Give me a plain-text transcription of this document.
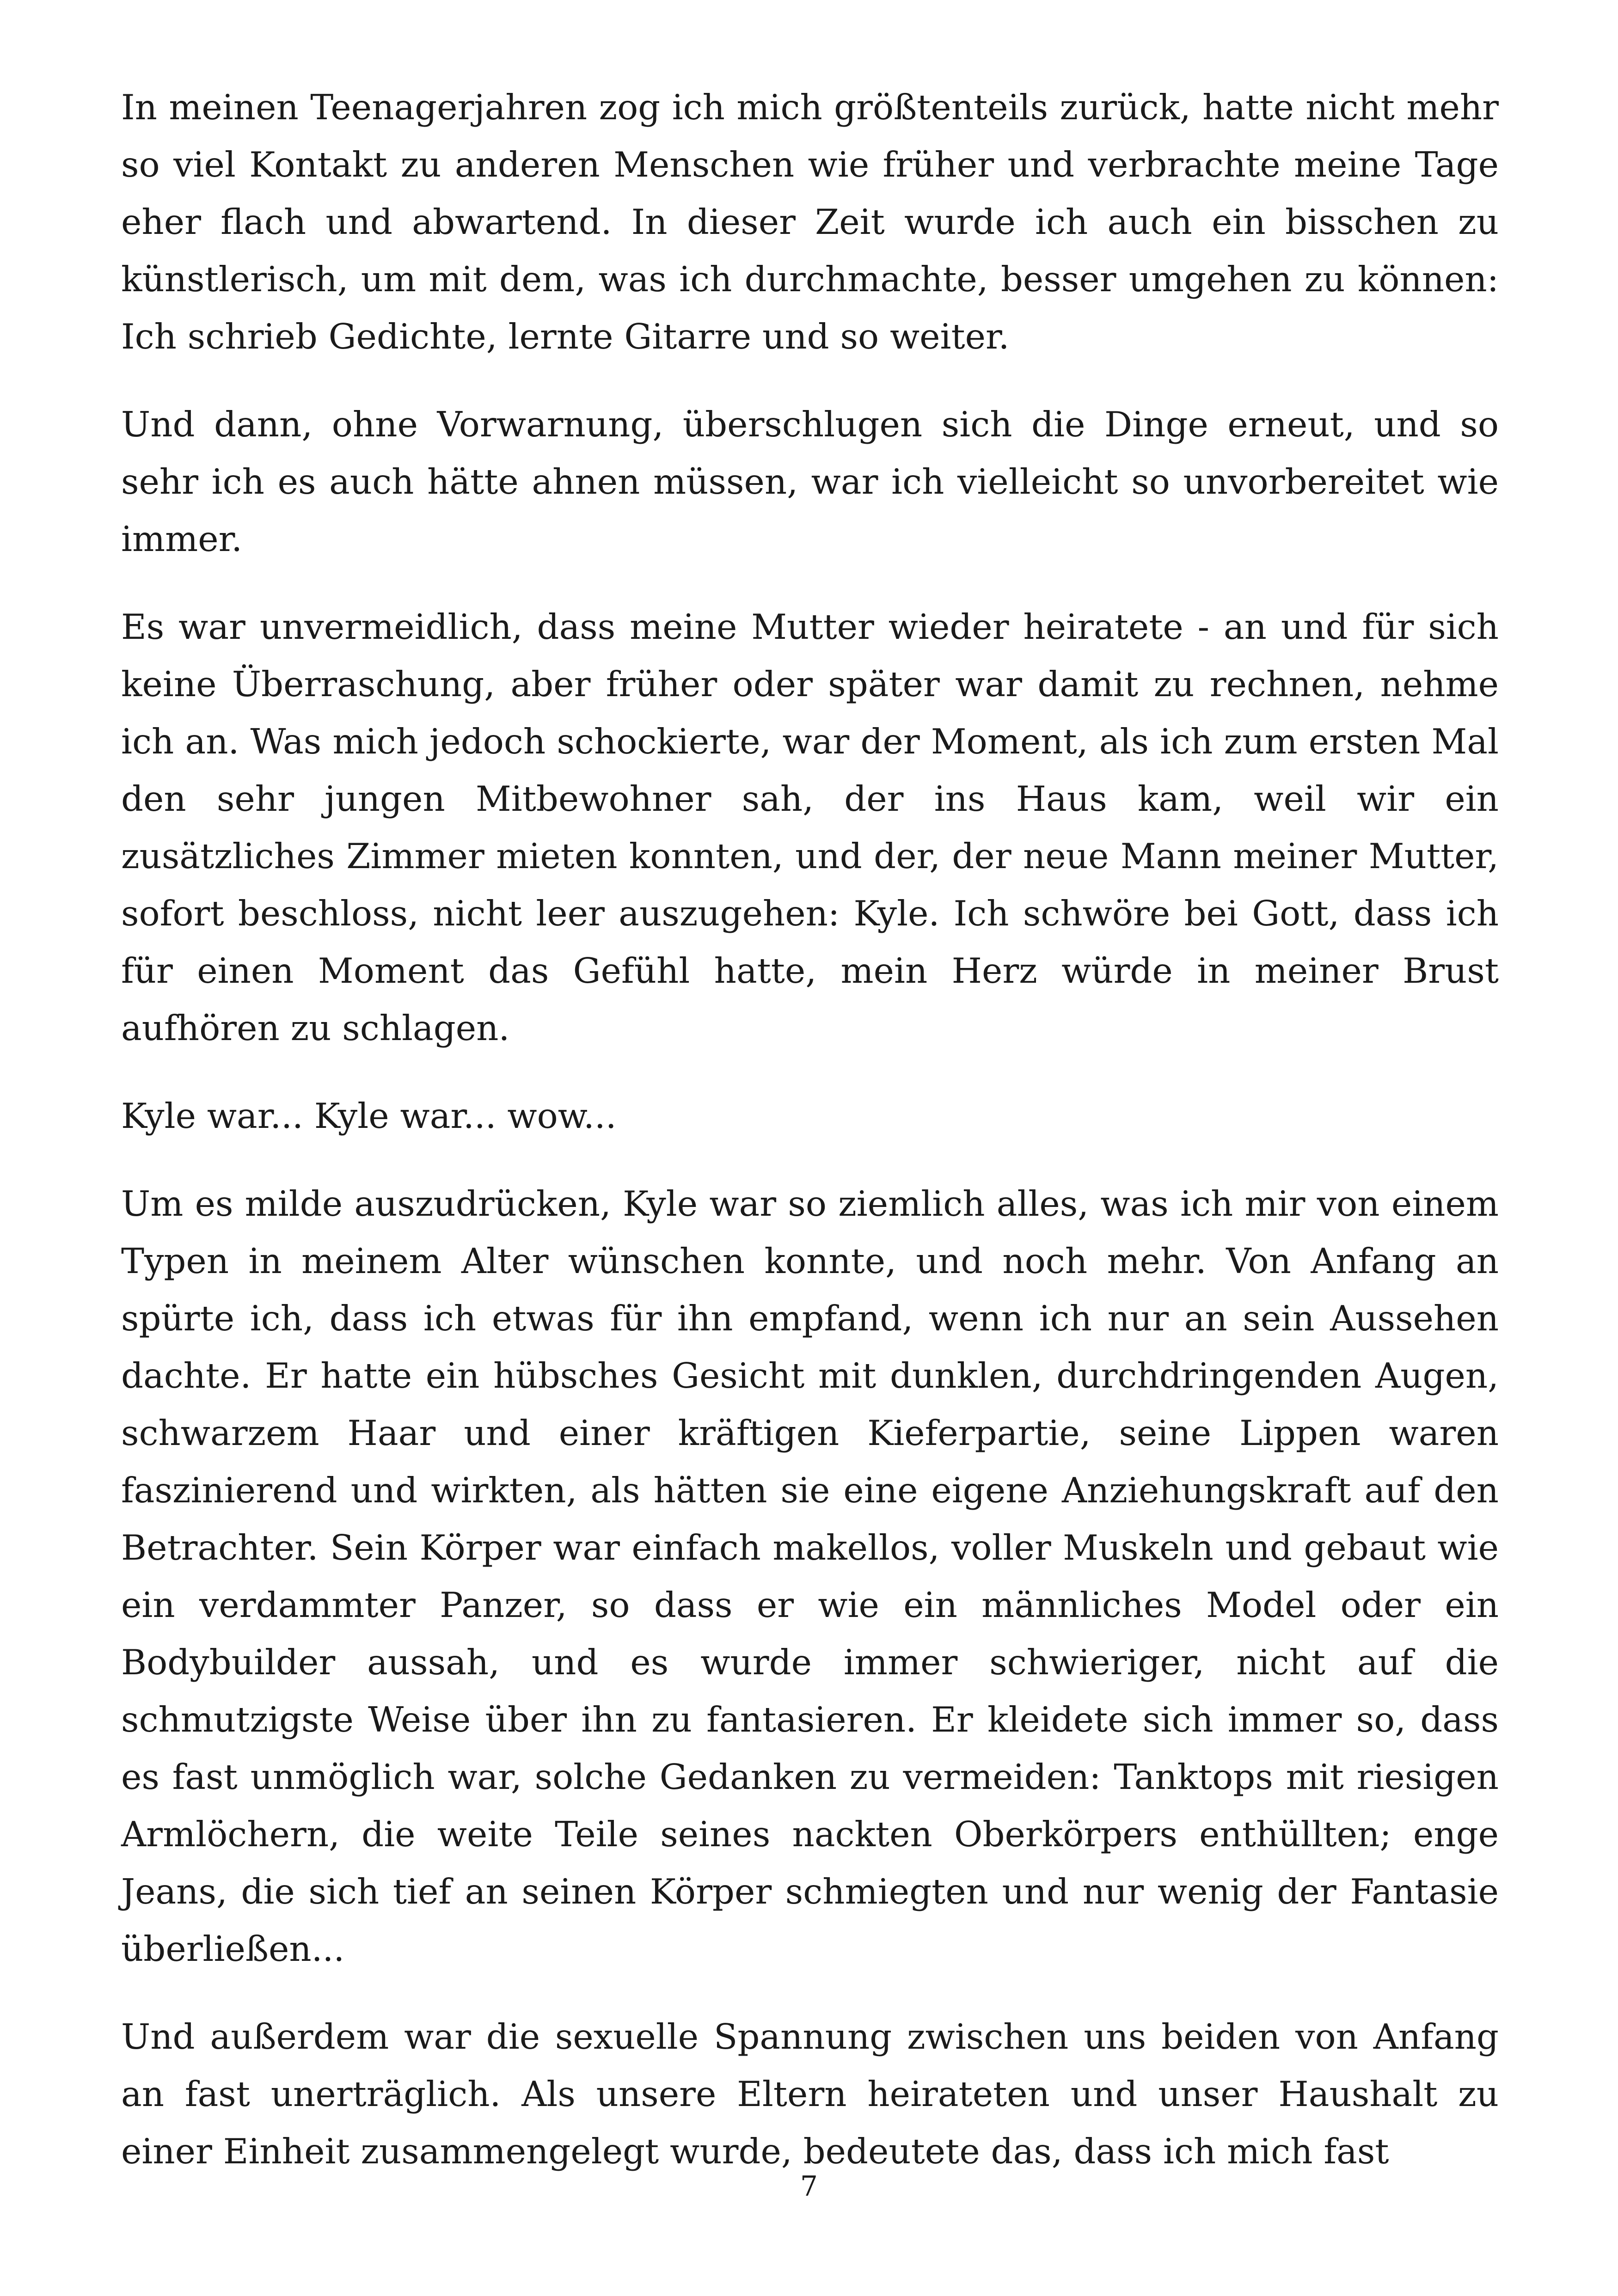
In meinen Teenagerjahren zog ich mich größtenteils zurück, hatte nicht mehr so viel Kontakt zu anderen Menschen wie früher und verbrachte meine Tage eher flach und abwartend. In dieser Zeit wurde ich auch ein bisschen zu künstlerisch, um mit dem, was ich durchmachte, besser umgehen zu können: Ich schrieb Gedichte, lernte Gitarre und so weiter.

Und dann, ohne Vorwarnung, überschlugen sich die Dinge erneut, und so sehr ich es auch hätte ahnen müssen, war ich vielleicht so unvorbereitet wie immer.

Es war unvermeidlich, dass meine Mutter wieder heiratete - an und für sich keine Überraschung, aber früher oder später war damit zu rechnen, nehme ich an. Was mich jedoch schockierte, war der Moment, als ich zum ersten Mal den sehr jungen Mitbewohner sah, der ins Haus kam, weil wir ein zusätzliches Zimmer mieten konnten, und der, der neue Mann meiner Mutter, sofort beschloss, nicht leer auszugehen: Kyle. Ich schwöre bei Gott, dass ich für einen Moment das Gefühl hatte, mein Herz würde in meiner Brust aufhören zu schlagen.

Kyle war... Kyle war... wow...

Um es milde auszudrücken, Kyle war so ziemlich alles, was ich mir von einem Typen in meinem Alter wünschen konnte, und noch mehr. Von Anfang an spürte ich, dass ich etwas für ihn empfand, wenn ich nur an sein Aussehen dachte. Er hatte ein hübsches Gesicht mit dunklen, durchdringenden Augen, schwarzem Haar und einer kräftigen Kieferpartie, seine Lippen waren faszinierend und wirkten, als hätten sie eine eigene Anziehungskraft auf den Betrachter. Sein Körper war einfach makellos, voller Muskeln und gebaut wie ein verdammter Panzer, so dass er wie ein männliches Model oder ein Bodybuilder aussah, und es wurde immer schwieriger, nicht auf die schmutzigste Weise über ihn zu fantasieren. Er kleidete sich immer so, dass es fast unmöglich war, solche Gedanken zu vermeiden: Tanktops mit riesigen Armlöchern, die weite Teile seines nackten Oberkörpers enthüllten; enge Jeans, die sich tief an seinen Körper schmiegten und nur wenig der Fantasie überließen...

Und außerdem war die sexuelle Spannung zwischen uns beiden von Anfang an fast unerträglich. Als unsere Eltern heirateten und unser Haushalt zu einer Einheit zusammengelegt wurde, bedeutete das, dass ich mich fast

7
